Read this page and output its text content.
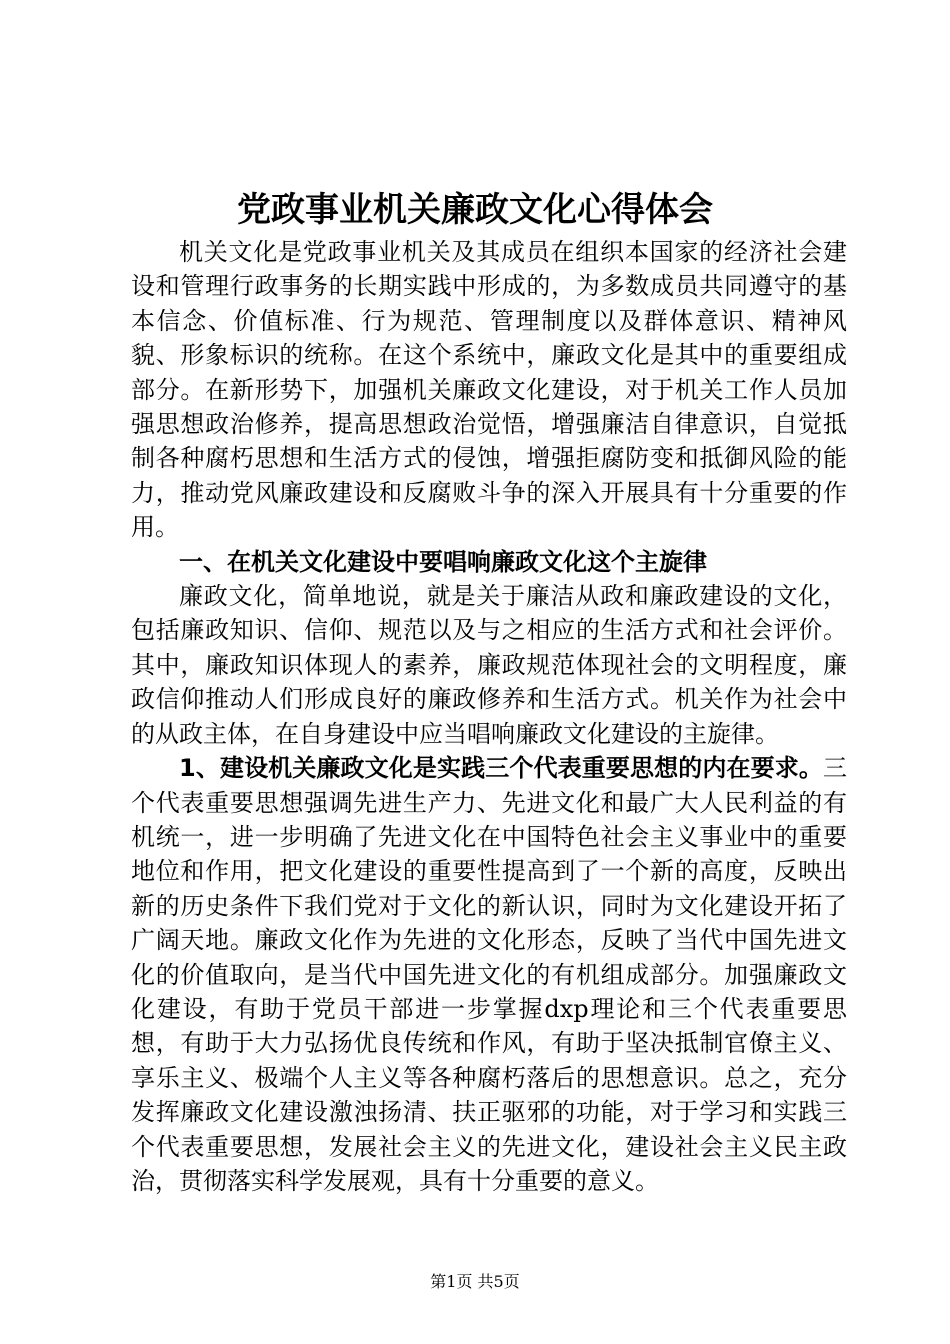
党政事业机关廉政文化心得体会

机关文化是党政事业机关及其成员在组织本国家的经济社会建设和管理行政事务的长期实践中形成的，为多数成员共同遵守的基本信念、价值标准、行为规范、管理制度以及群体意识、精神风貌、形象标识的统称。在这个系统中，廉政文化是其中的重要组成部分。在新形势下，加强机关廉政文化建设，对于机关工作人员加强思想政治修养，提高思想政治觉悟，增强廉洁自律意识，自觉抵制各种腐朽思想和生活方式的侵蚀，增强拒腐防变和抵御风险的能力，推动党风廉政建设和反腐败斗争的深入开展具有十分重要的作用。

一、在机关文化建设中要唱响廉政文化这个主旋律

廉政文化，简单地说，就是关于廉洁从政和廉政建设的文化，包括廉政知识、信仰、规范以及与之相应的生活方式和社会评价。其中，廉政知识体现人的素养，廉政规范体现社会的文明程度，廉政信仰推动人们形成良好的廉政修养和生活方式。机关作为社会中的从政主体，在自身建设中应当唱响廉政文化建设的主旋律。

1、建设机关廉政文化是实践三个代表重要思想的内在要求。三个代表重要思想强调先进生产力、先进文化和最广大人民利益的有机统一，进一步明确了先进文化在中国特色社会主义事业中的重要地位和作用，把文化建设的重要性提高到了一个新的高度，反映出新的历史条件下我们党对于文化的新认识，同时为文化建设开拓了广阔天地。廉政文化作为先进的文化形态，反映了当代中国先进文化的价值取向，是当代中国先进文化的有机组成部分。加强廉政文化建设，有助于党员干部进一步掌握dxp理论和三个代表重要思想，有助于大力弘扬优良传统和作风，有助于坚决抵制官僚主义、享乐主义、极端个人主义等各种腐朽落后的思想意识。总之，充分发挥廉政文化建设激浊扬清、扶正驱邪的功能，对于学习和实践三个代表重要思想，发展社会主义的先进文化，建设社会主义民主政治，贯彻落实科学发展观，具有十分重要的意义。

第1页 共5页
